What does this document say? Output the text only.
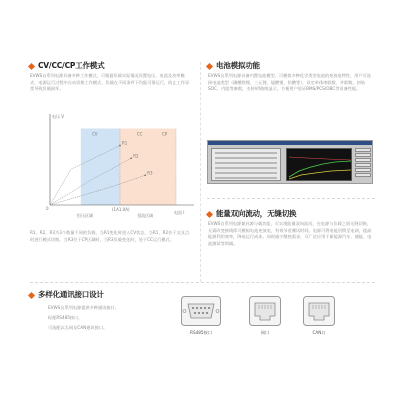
CV/CC/CP工作模式
EVWS自系列电源具备多种工作模式，可根据负载实际情况设置电压、电流及功率模式，电源运行过程中自动切换工作模式，负载在不同条件下均能可靠运行，防止工作异常导致负载损坏。
R1
R2
R3
CV	CC	CP
电压 V
电流 I
0	(1A1.0A)
恒压区域	恒流区域
R1，R2，R3为3个数量不同的负载，当R1变化时进入CV状态，当R1、R2位于交叉点时进行模式切换，当R3位于CP区域时，当R3负载变化时，处于CC运行模式。
电池模拟功能
EVWS自系列电源具备内置电池模型，可模拟多种化学类型电池的充放电特性，用户可选择电池类型（磷酸铁锂、三元锂、锰酸锂、铅酸等），设定单体串联数、并联数、初始SOC、内阻等参数，支持V/I曲线显示，方便用户验证BMS/PCS/OBC等设备性能。
能量双向流动，无缝切换
EVWS自系列电源兼具源与载功能，可实现能量双向流动，在电源与负载之间无缝切换，无需改变接线即可模拟电池充放电，有效节省测试时间，电源可将电能回馈至电网，提高能源利用效率，降低运行成本，同时减少散热需求，可广泛应用于新能源汽车、储能、电池测试等领域。
多样化通讯接口设计
EVWS自系列电源提供多种通讯接口，
标配RS485接口，
可选配以太网及CAN通讯接口。
RS485接口	网口	CAN口
